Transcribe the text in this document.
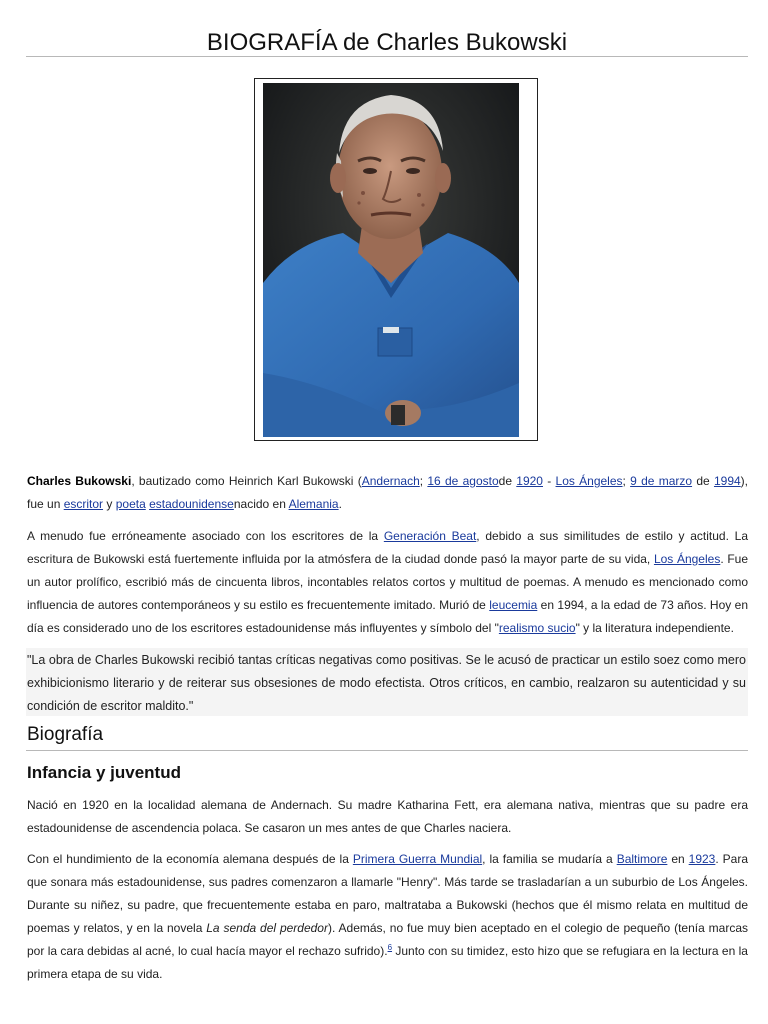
BIOGRAFÍA de Charles Bukowski
Charles Bukowski, bautizado como Heinrich Karl Bukowski (Andernach; 16 de agostode 1920 - Los Ángeles; 9 de marzo de 1994), fue un escritor y poeta estadounidensenacido en Alemania.
A menudo fue erróneamente asociado con los escritores de la Generación Beat, debido a sus similitudes de estilo y actitud. La escritura de Bukowski está fuertemente influida por la atmósfera de la ciudad donde pasó la mayor parte de su vida, Los Ángeles. Fue un autor prolífico, escribió más de cincuenta libros, incontables relatos cortos y multitud de poemas. A menudo es mencionado como influencia de autores contemporáneos y su estilo es frecuentemente imitado. Murió de leucemia en 1994, a la edad de 73 años. Hoy en día es considerado uno de los escritores estadounidense más influyentes y símbolo del "realismo sucio" y la literatura independiente.
"La obra de Charles Bukowski recibió tantas críticas negativas como positivas. Se le acusó de practicar un estilo soez como mero exhibicionismo literario y de reiterar sus obsesiones de modo efectista. Otros críticos, en cambio, realzaron su autenticidad y su condición de escritor maldito."
Biografía
Infancia y juventud
Nació en 1920 en la localidad alemana de Andernach. Su madre Katharina Fett, era alemana nativa, mientras que su padre era estadounidense de ascendencia polaca. Se casaron un mes antes de que Charles naciera.
Con el hundimiento de la economía alemana después de la Primera Guerra Mundial, la familia se mudaría a Baltimore en 1923. Para que sonara más estadounidense, sus padres comenzaron a llamarle "Henry". Más tarde se trasladarían a un suburbio de Los Ángeles. Durante su niñez, su padre, que frecuentemente estaba en paro, maltrataba a Bukowski (hechos que él mismo relata en multitud de poemas y relatos, y en la novela La senda del perdedor). Además, no fue muy bien aceptado en el colegio de pequeño (tenía marcas por la cara debidas al acné, lo cual hacía mayor el rechazo sufrido).$^6$ Junto con su timidez, esto hizo que se refugiara en la lectura en la primera etapa de su vida.
